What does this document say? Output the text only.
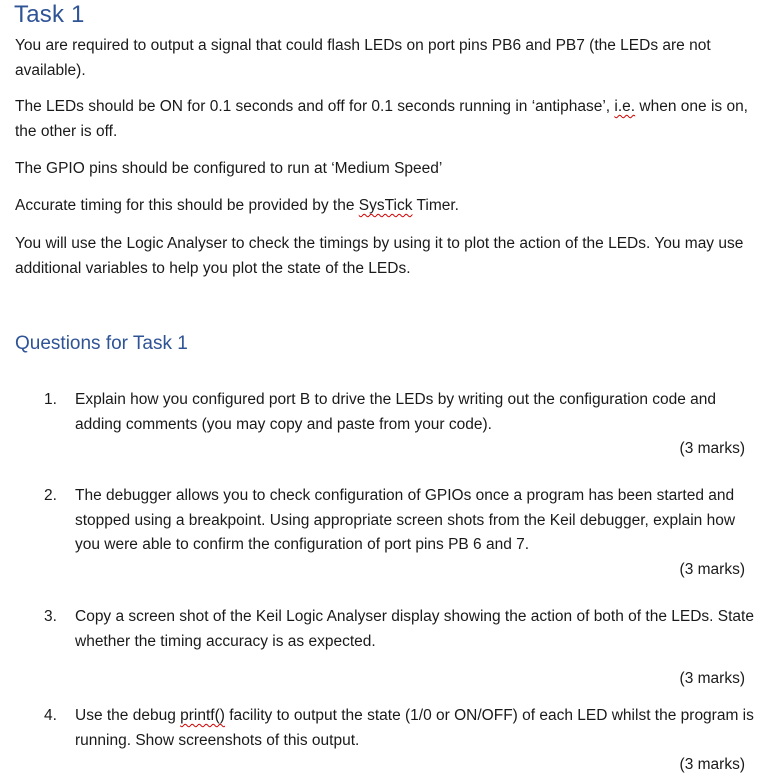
Task 1

You are required to output a signal that could flash LEDs on port pins PB6 and PB7 (the LEDs are not available).

The LEDs should be ON for 0.1 seconds and off for 0.1 seconds running in ‘antiphase’, i.e. when one is on, the other is off.

The GPIO pins should be configured to run at ‘Medium Speed’

Accurate timing for this should be provided by the SysTick Timer.

You will use the Logic Analyser to check the timings by using it to plot the action of the LEDs. You may use additional variables to help you plot the state of the LEDs.

Questions for Task 1
1. Explain how you configured port B to drive the LEDs by writing out the configuration code and adding comments (you may copy and paste from your code).

(3 marks)
2. The debugger allows you to check configuration of GPIOs once a program has been started and stopped using a breakpoint. Using appropriate screen shots from the Keil debugger, explain how you were able to confirm the configuration of port pins PB 6 and 7.

(3 marks)
3. Copy a screen shot of the Keil Logic Analyser display showing the action of both of the LEDs. State whether the timing accuracy is as expected.

(3 marks)
4. Use the debug printf() facility to output the state (1/0 or ON/OFF) of each LED whilst the program is running. Show screenshots of this output.

(3 marks)
